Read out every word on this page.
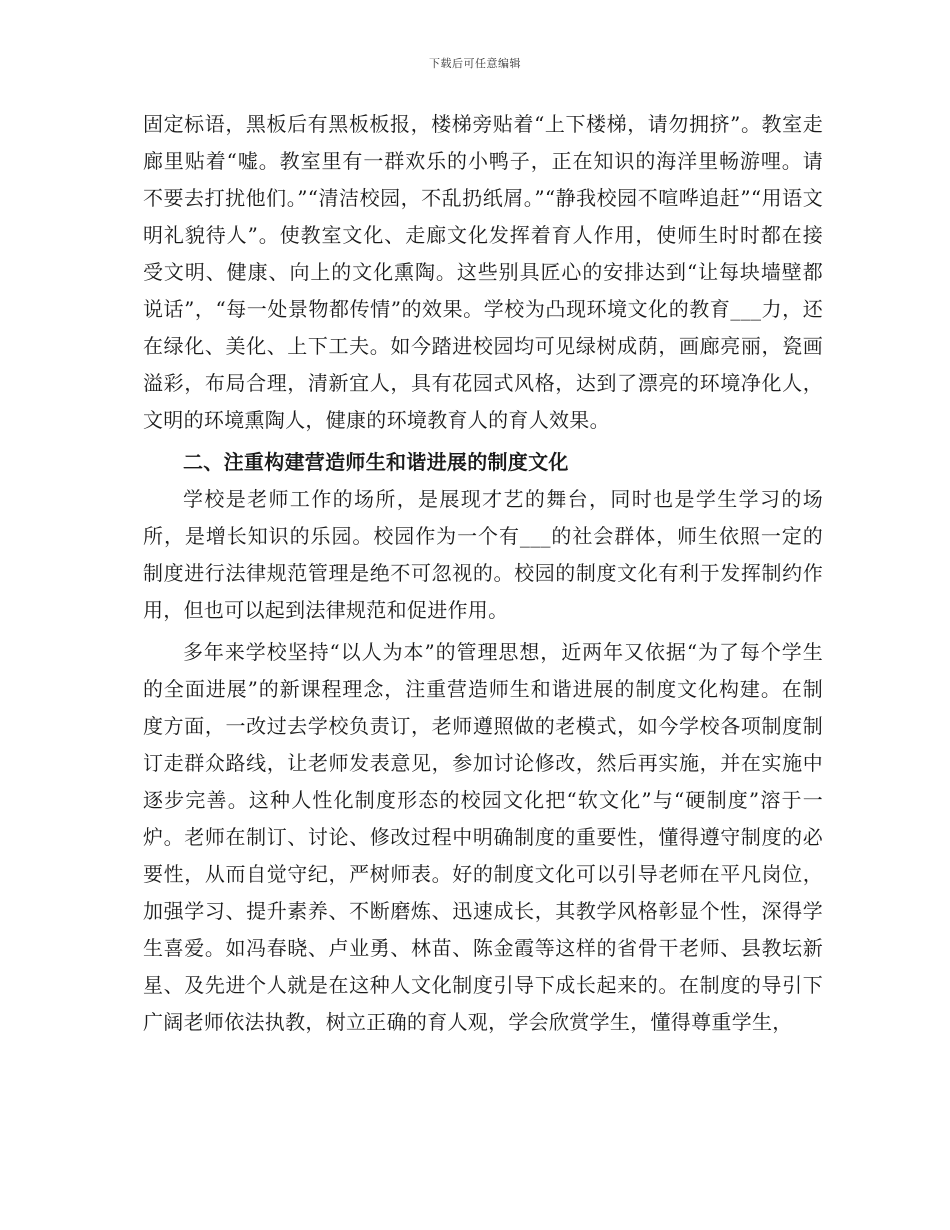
下载后可任意编辑

固定标语，黑板后有黑板板报，楼梯旁贴着“上下楼梯，请勿拥挤”。教室走廊里贴着“嘘。教室里有一群欢乐的小鸭子，正在知识的海洋里畅游哩。请不要去打扰他们。”“清洁校园，不乱扔纸屑。”“静我校园不喧哗追赶”“用语文明礼貌待人”。使教室文化、走廊文化发挥着育人作用，使师生时时都在接受文明、健康、向上的文化熏陶。这些别具匠心的安排达到“让每块墙壁都说话”，“每一处景物都传情”的效果。学校为凸现环境文化的教育___力，还在绿化、美化、上下工夫。如今踏进校园均可见绿树成荫，画廊亮丽，瓷画溢彩，布局合理，清新宜人，具有花园式风格，达到了漂亮的环境净化人，文明的环境熏陶人，健康的环境教育人的育人效果。

二、注重构建营造师生和谐进展的制度文化

学校是老师工作的场所，是展现才艺的舞台，同时也是学生学习的场所，是增长知识的乐园。校园作为一个有___的社会群体，师生依照一定的制度进行法律规范管理是绝不可忽视的。校园的制度文化有利于发挥制约作用，但也可以起到法律规范和促进作用。

多年来学校坚持“以人为本”的管理思想，近两年又依据“为了每个学生的全面进展”的新课程理念，注重营造师生和谐进展的制度文化构建。在制度方面，一改过去学校负责订，老师遵照做的老模式，如今学校各项制度制订走群众路线，让老师发表意见，参加讨论修改，然后再实施，并在实施中逐步完善。这种人性化制度形态的校园文化把“软文化”与“硬制度”溶于一炉。老师在制订、讨论、修改过程中明确制度的重要性，懂得遵守制度的必要性，从而自觉守纪，严树师表。好的制度文化可以引导老师在平凡岗位，加强学习、提升素养、不断磨炼、迅速成长，其教学风格彰显个性，深得学生喜爱。如冯春晓、卢业勇、林苗、陈金霞等这样的省骨干老师、县教坛新星、及先进个人就是在这种人文化制度引导下成长起来的。在制度的导引下广阔老师依法执教，树立正确的育人观，学会欣赏学生，懂得尊重学生，
